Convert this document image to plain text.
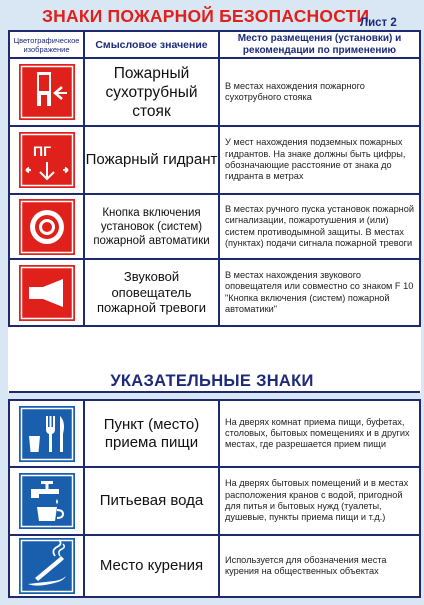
ЗНАКИ ПОЖАРНОЙ БЕЗОПАСНОСТИ
Лист 2
Цветографическое изображение	Смысловое значение	Место размещения (установки) и рекомендации по применению

	Пожарный сухотрубный стояк	В местах нахождения пожарного сухотрубного стояка

ПГ	Пожарный гидрант	У мест нахождения подземных пожарных гидрантов. На знаке должны быть цифры, обозначающие расстояние от знака до гидранта в метрах

	Кнопка включения установок (систем) пожарной автоматики	В местах ручного пуска установок пожарной сигнализации, пожаротушения и (или) систем противодымной защиты. В местах (пунктах) подачи сигнала пожарной тревоги

	Звуковой оповещатель пожарной тревоги	В местах нахождения звукового оповещателя или совместно со знаком F 10 "Кнопка включения (систем) пожарной автоматики"

УКАЗАТЕЛЬНЫЕ ЗНАКИ
	Пункт (место) приема пищи	На дверях комнат приема пищи, буфетах, столовых, бытовых помещениях и в других местах, где разрешается прием пищи

	Питьевая вода	На дверях бытовых помещений и в местах расположения кранов с водой, пригодной для питья и бытовых нужд (туалеты, душевые, пункты приема пищи и т.д.)

	Место курения	Используется для обозначения места курения на общественных объектах
